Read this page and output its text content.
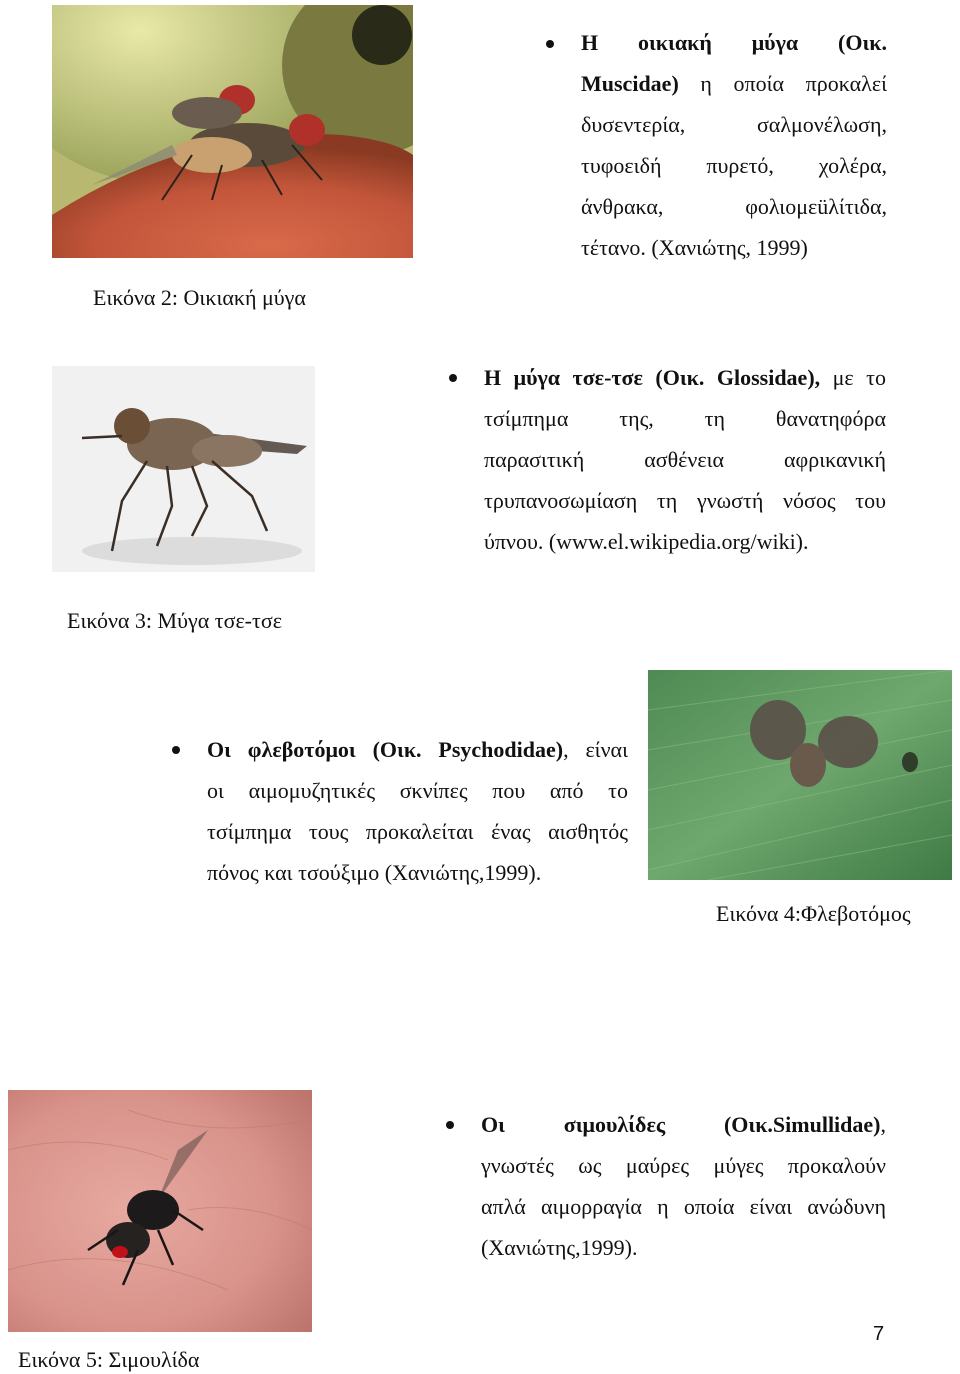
Η οικιακή μύγα (Οικ.
Muscidae) η οποία προκαλεί
δυσεντερία, σαλμονέλωση,
τυφοειδή πυρετό, χολέρα,
άνθρακα, φολιομεüλίτιδα,
τέτανο. (Χανιώτης, 1999)
Εικόνα 2: Οικιακή μύγα
Η μύγα τσε-τσε (Οικ. Glossidae), με το
τσίμπημα της, τη θανατηφόρα
παρασιτική ασθένεια αφρικανική
τρυπανοσωμίαση τη γνωστή νόσος του
ύπνου. (www.el.wikipedia.org/wiki).
Εικόνα 3: Μύγα τσε-τσε
Οι φλεβοτόμοι (Οικ. Psychodidae), είναι
οι αιμομυζητικές σκνίπες που από το
τσίμπημα τους προκαλείται ένας αισθητός
πόνος και τσούξιμο (Χανιώτης,1999).
Εικόνα 4:Φλεβοτόμος
Οι σιμουλίδες (Οικ.Simullidae),
γνωστές ως μαύρες μύγες προκαλούν
απλά αιμορραγία η οποία είναι ανώδυνη
(Χανιώτης,1999).
Εικόνα 5: Σιμουλίδα
7
